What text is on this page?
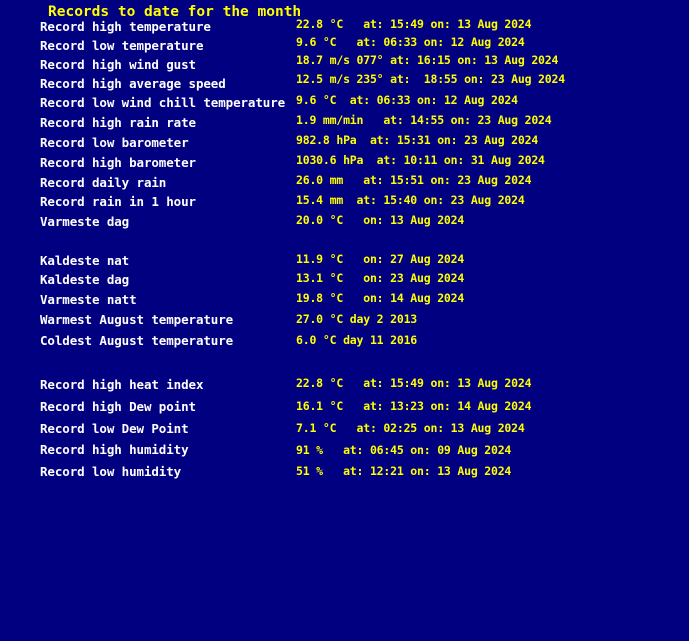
Records to date for the month
Record high temperature	22.8 °C   at: 15:49 on: 13 Aug 2024
Record low temperature	9.6 °C   at: 06:33 on: 12 Aug 2024
Record high wind gust	18.7 m/s 077° at: 16:15 on: 13 Aug 2024
Record high average speed	12.5 m/s 235° at:  18:55 on: 23 Aug 2024
Record low wind chill temperature 9.6 °C  at: 06:33 on: 12 Aug 2024
Record high rain rate	1.9 mm/min   at: 14:55 on: 23 Aug 2024
Record low barometer	982.8 hPa  at: 15:31 on: 23 Aug 2024
Record high barometer	1030.6 hPa  at: 10:11 on: 31 Aug 2024
Record daily rain	26.0 mm   at: 15:51 on: 23 Aug 2024
Record rain in 1 hour	15.4 mm  at: 15:40 on: 23 Aug 2024
Varmeste dag	20.0 °C   on: 13 Aug 2024
Kaldeste nat	11.9 °C   on: 27 Aug 2024
Kaldeste dag	13.1 °C   on: 23 Aug 2024
Varmeste natt	19.8 °C   on: 14 Aug 2024
Warmest August temperature	27.0 °C day 2 2013
Coldest August temperature	6.0 °C day 11 2016
Record high heat index	22.8 °C   at: 15:49 on: 13 Aug 2024
Record high Dew point	16.1 °C   at: 13:23 on: 14 Aug 2024
Record low Dew Point	7.1 °C   at: 02:25 on: 13 Aug 2024
Record high humidity	91 %   at: 06:45 on: 09 Aug 2024
Record low humidity	51 %   at: 12:21 on: 13 Aug 2024
